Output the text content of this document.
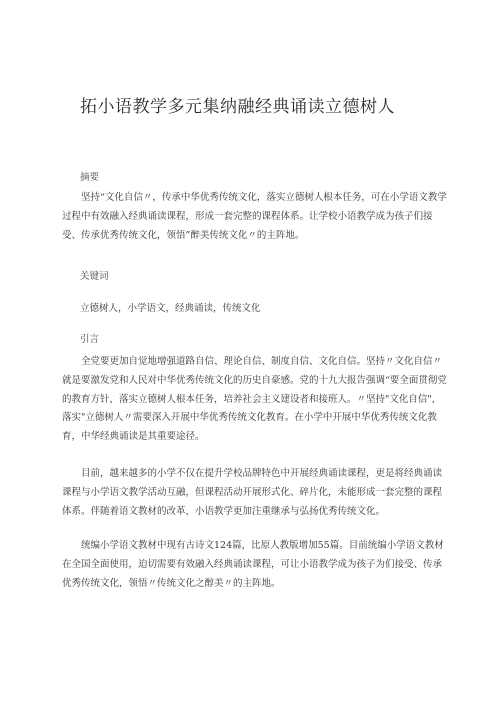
拓小语教学多元集纳融经典诵读立德树人
摘要

坚持“文化自信〃，传承中华优秀传统文化，落实立德树人根本任务，可在小学语文教学过程中有效融入经典诵读课程，形成一套完整的课程体系。让学校小语教学成为孩子们接受、传承优秀传统文化，领悟”醉美传统文化〃的主阵地。

关键词
立德树人，小学语文，经典诵读，传统文化
引言

全党要更加自觉地增强道路自信、理论自信、制度自信、文化自信。坚持〃文化自信〃就是要激发党和人民对中华优秀传统文化的历史自豪感。党的十九大报告强调“要全面贯彻党的教育方针，落实立德树人根本任务，培养社会主义建设者和接班人。〃坚持"文化自信"，落实"立德树人〃需要深入开展中华优秀传统文化教育。在小学中开展中华优秀传统文化教育，中华经典诵读是其重要途径。

目前，越来越多的小学不仅在提升学校品牌特色中开展经典诵读课程，更是将经典诵读课程与小学语文教学活动互融，但课程活动开展形式化、碎片化，未能形成一套完整的课程体系。伴随着语文教材的改革，小语教学更加注重继承与弘扬优秀传统文化。

统编小学语文教材中现有古诗文124篇，比原人教版增加55篇。目前统编小学语文教材在全国全面使用，迫切需要有效融入经典诵读课程，可让小语教学成为孩子为们接受、传承优秀传统文化，领悟〃传统文化之醇美〃的主阵地。
